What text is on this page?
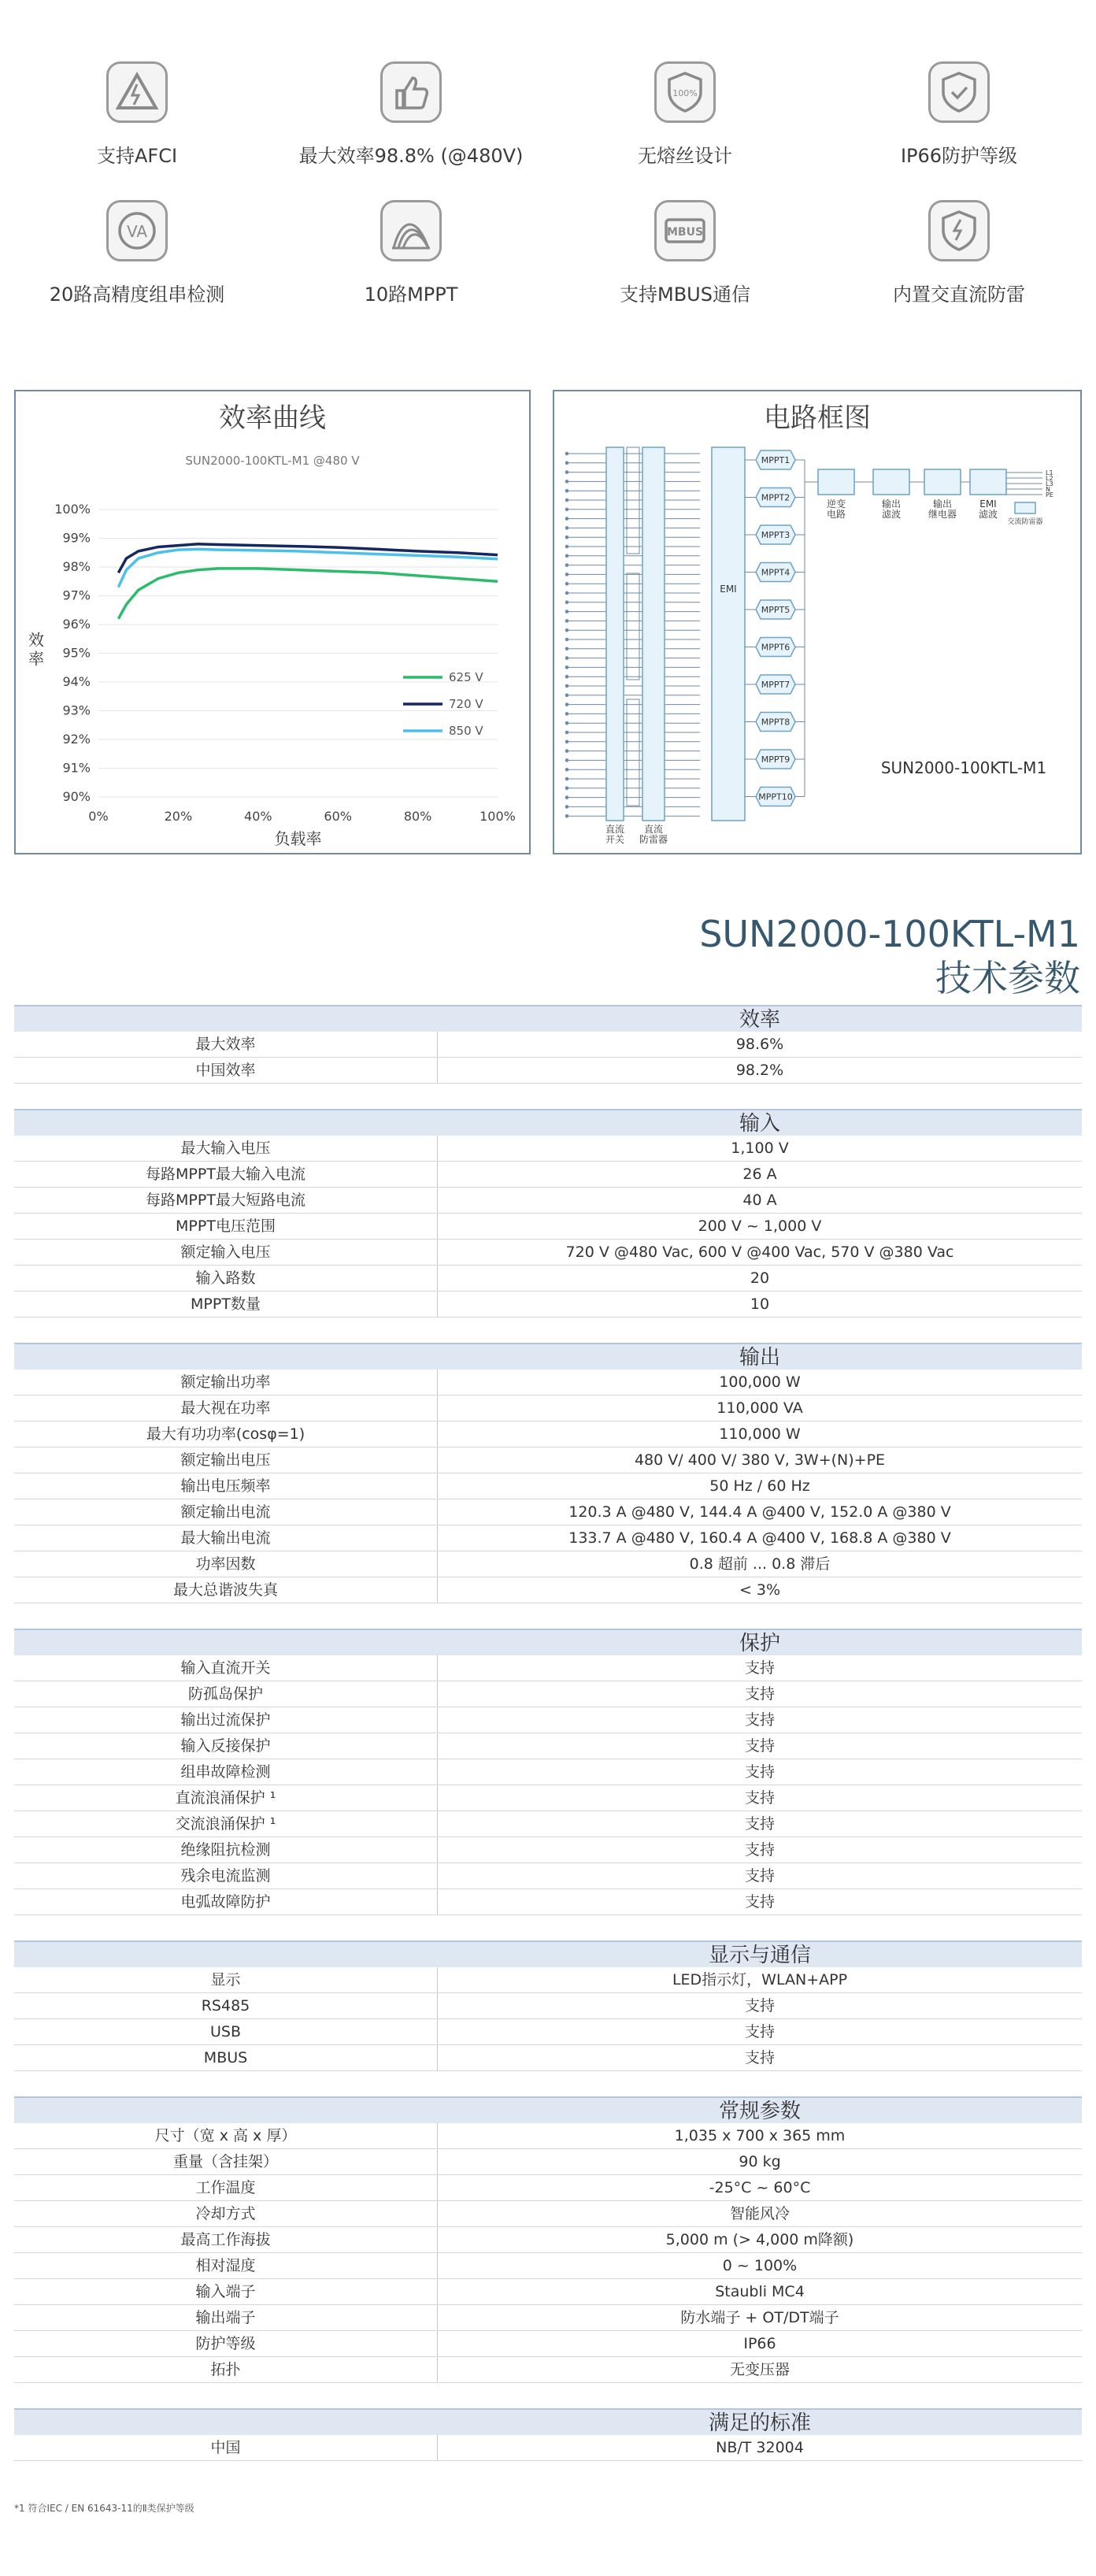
支持AFCI	最大效率98.8% (@480V)
100%
无熔丝设计	IP66防护等级
VA
20路高精度组串检测	10路MPPT
MBUS
支持MBUS通信	内置交直流防雷
效率曲线
SUN2000-100KTL-M1 @480 V
90%
91%
92%
93%
94%
95%
96%
97%
98%
99%
100%
0%	20%	40%	60%	80%	100%
负载率
效率
625 V
720 V
850 V
电路框图
EMI
MPPT1
MPPT2
MPPT3
MPPT4
MPPT5
MPPT6
MPPT7
MPPT8
MPPT9
MPPT10
逆变
电路
输出
滤波
输出
继电器
EMI
滤波
交流防雷器
L1
L2
L3
N
PE
直流
开关
直流
防雷器
SUN2000-100KTL-M1
SUN2000-100KTL-M1
技术参数
效率
最大效率	98.6%
中国效率	98.2%
输入
最大输入电压	1,100 V
每路MPPT最大输入电流	26 A
每路MPPT最大短路电流	40 A
MPPT电压范围	200 V ~ 1,000 V
额定输入电压	720 V @480 Vac, 600 V @400 Vac, 570 V @380 Vac
输入路数	20
MPPT数量	10
输出
额定输出功率	100,000 W
最大视在功率	110,000 VA
最大有功功率(cosφ=1)	110,000 W
额定输出电压	480 V/ 400 V/ 380 V, 3W+(N)+PE
输出电压频率	50 Hz / 60 Hz
额定输出电流	120.3 A @480 V, 144.4 A @400 V, 152.0 A @380 V
最大输出电流	133.7 A @480 V, 160.4 A @400 V, 168.8 A @380 V
功率因数	0.8 超前 ... 0.8 滞后
最大总谐波失真	< 3%
保护
输入直流开关	支持
防孤岛保护	支持
输出过流保护	支持
输入反接保护	支持
组串故障检测	支持
直流浪涌保护 ¹	支持
交流浪涌保护 ¹	支持
绝缘阻抗检测	支持
残余电流监测	支持
电弧故障防护	支持
显示与通信
显示	LED指示灯，WLAN+APP
RS485	支持
USB	支持
MBUS	支持
常规参数
尺寸（宽 x 高 x 厚）	1,035 x 700 x 365 mm
重量（含挂架）	90 kg
工作温度	-25°C ~ 60°C
冷却方式	智能风冷
最高工作海拔	5,000 m (> 4,000 m降额)
相对湿度	0 ~ 100%
输入端子	Staubli MC4
输出端子	防水端子 + OT/DT端子
防护等级	IP66
拓扑	无变压器
满足的标准
中国	NB/T 32004
*1 符合IEC / EN 61643-11的Ⅱ类保护等级
